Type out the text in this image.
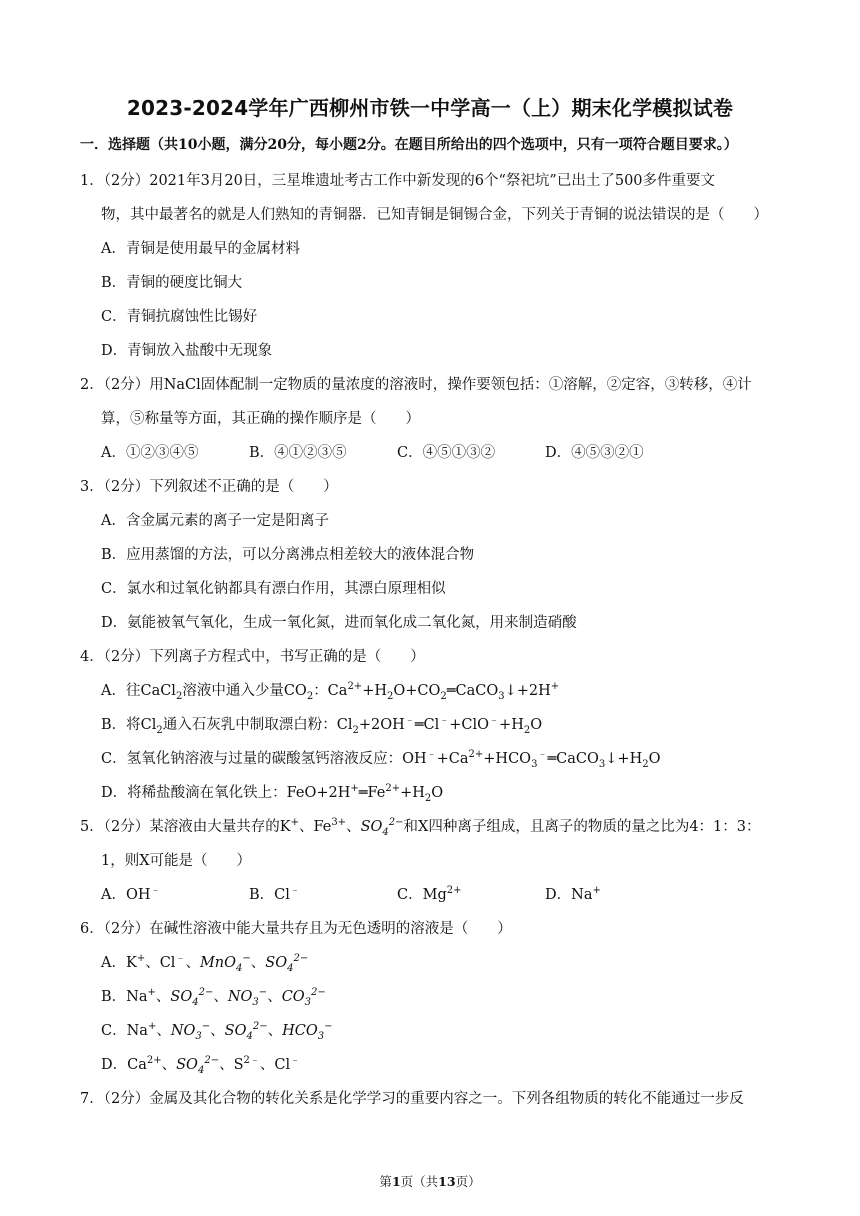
2023-2024学年广西柳州市铁一中学高一（上）期末化学模拟试卷
一．选择题（共10小题，满分20分，每小题2分。在题目所给出的四个选项中，只有一项符合题目要求。）
1．（2分）2021年3月20日，三星堆遗址考古工作中新发现的6个“祭祀坑”已出土了500多件重要文
物，其中最著名的就是人们熟知的青铜器．已知青铜是铜锡合金，下列关于青铜的说法错误的是（　　）
A．青铜是使用最早的金属材料
B．青铜的硬度比铜大
C．青铜抗腐蚀性比锡好
D．青铜放入盐酸中无现象
2．（2分）用NaCl固体配制一定物质的量浓度的溶液时，操作要领包括：①溶解，②定容，③转移，④计
算，⑤称量等方面，其正确的操作顺序是（　　）
A．①②③④⑤	B．④①②③⑤	C．④⑤①③②	D．④⑤③②①
3．（2分）下列叙述不正确的是（　　）
A．含金属元素的离子一定是阳离子
B．应用蒸馏的方法，可以分离沸点相差较大的液体混合物
C．氯水和过氧化钠都具有漂白作用，其漂白原理相似
D．氨能被氧气氧化，生成一氧化氮，进而氧化成二氧化氮，用来制造硝酸
4．（2分）下列离子方程式中，书写正确的是（　　）
A．往CaCl$_2$溶液中通入少量$CO_2$：$Ca^{2+}+H_2O+CO_2═CaCO_3↓+2H^+$
B．将$Cl_2$通入石灰乳中制取漂白粉：$Cl_2+2OH^﹣═Cl^﹣+ClO^﹣+H_2O$
C．氢氧化钠溶液与过量的碳酸氢钙溶液反应：$OH^﹣+Ca^{2+}+HCO_3^﹣═CaCO_3↓+H_2O$
D．将稀盐酸滴在氧化铁上：$FeO+2H^+═Fe^{2+}+H_2O$
5．（2分）某溶液由大量共存的K+、$Fe^{3+}$、$SO_4^{2-}$和X四种离子组成，且离子的物质的量之比为4：1：3：
1，则X可能是（　　）
A．OH﹣	B．Cl﹣	C．$Mg^{2+}$	D．Na+
6．（2分）在碱性溶液中能大量共存且为无色透明的溶液是（　　）
A．K+、Cl﹣、MnO$_4$−、$SO_4^{2-}$
B．Na+、$SO_4^{2-}$、$NO_3^-$、$CO_3^{2-}$
C．Na+、$NO_3^-$、$SO_4^{2-}$、$HCO_3^-$
D．$Ca^{2+}$、$SO_4^{2-}$、$S^{2﹣}$、Cl﹣
7．（2分）金属及其化合物的转化关系是化学学习的重要内容之一。下列各组物质的转化不能通过一步反
第1页（共13页）
